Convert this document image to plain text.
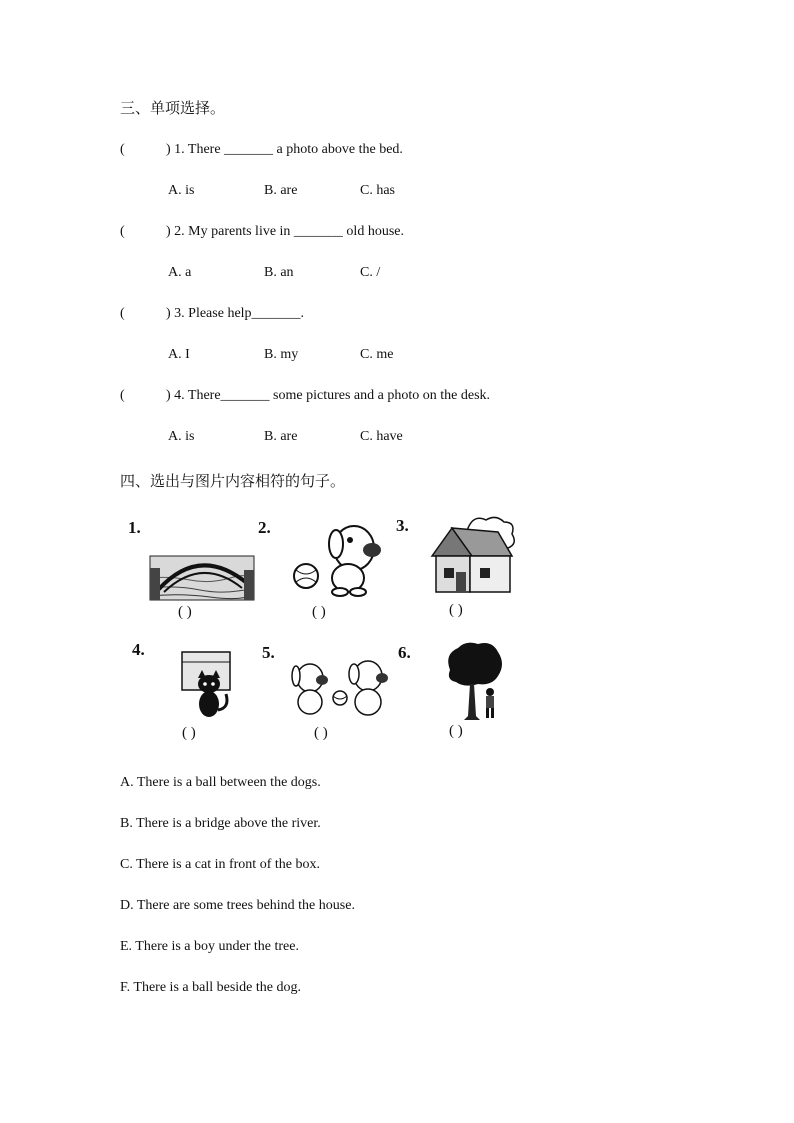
三、单项选择。
(	) 1. There _______ a photo above the bed.
A. is	B. are	C. has
(	) 2. My parents live in _______ old house.
A. a	B. an	C. /
(	) 3. Please help_______.
A. I	B. my	C. me
(	) 4. There_______ some pictures and a photo on the desk.
A. is	B. are	C. have
四、选出与图片内容相符的句子。
1.	2.	3.
4.	5.	6.
( )	( )	( )
( )	( )	( )
A. There is a ball between the dogs.
B. There is a bridge above the river.
C. There is a cat in front of the box.
D. There are some trees behind the house.
E. There is a boy under the tree.
F. There is a ball beside the dog.
